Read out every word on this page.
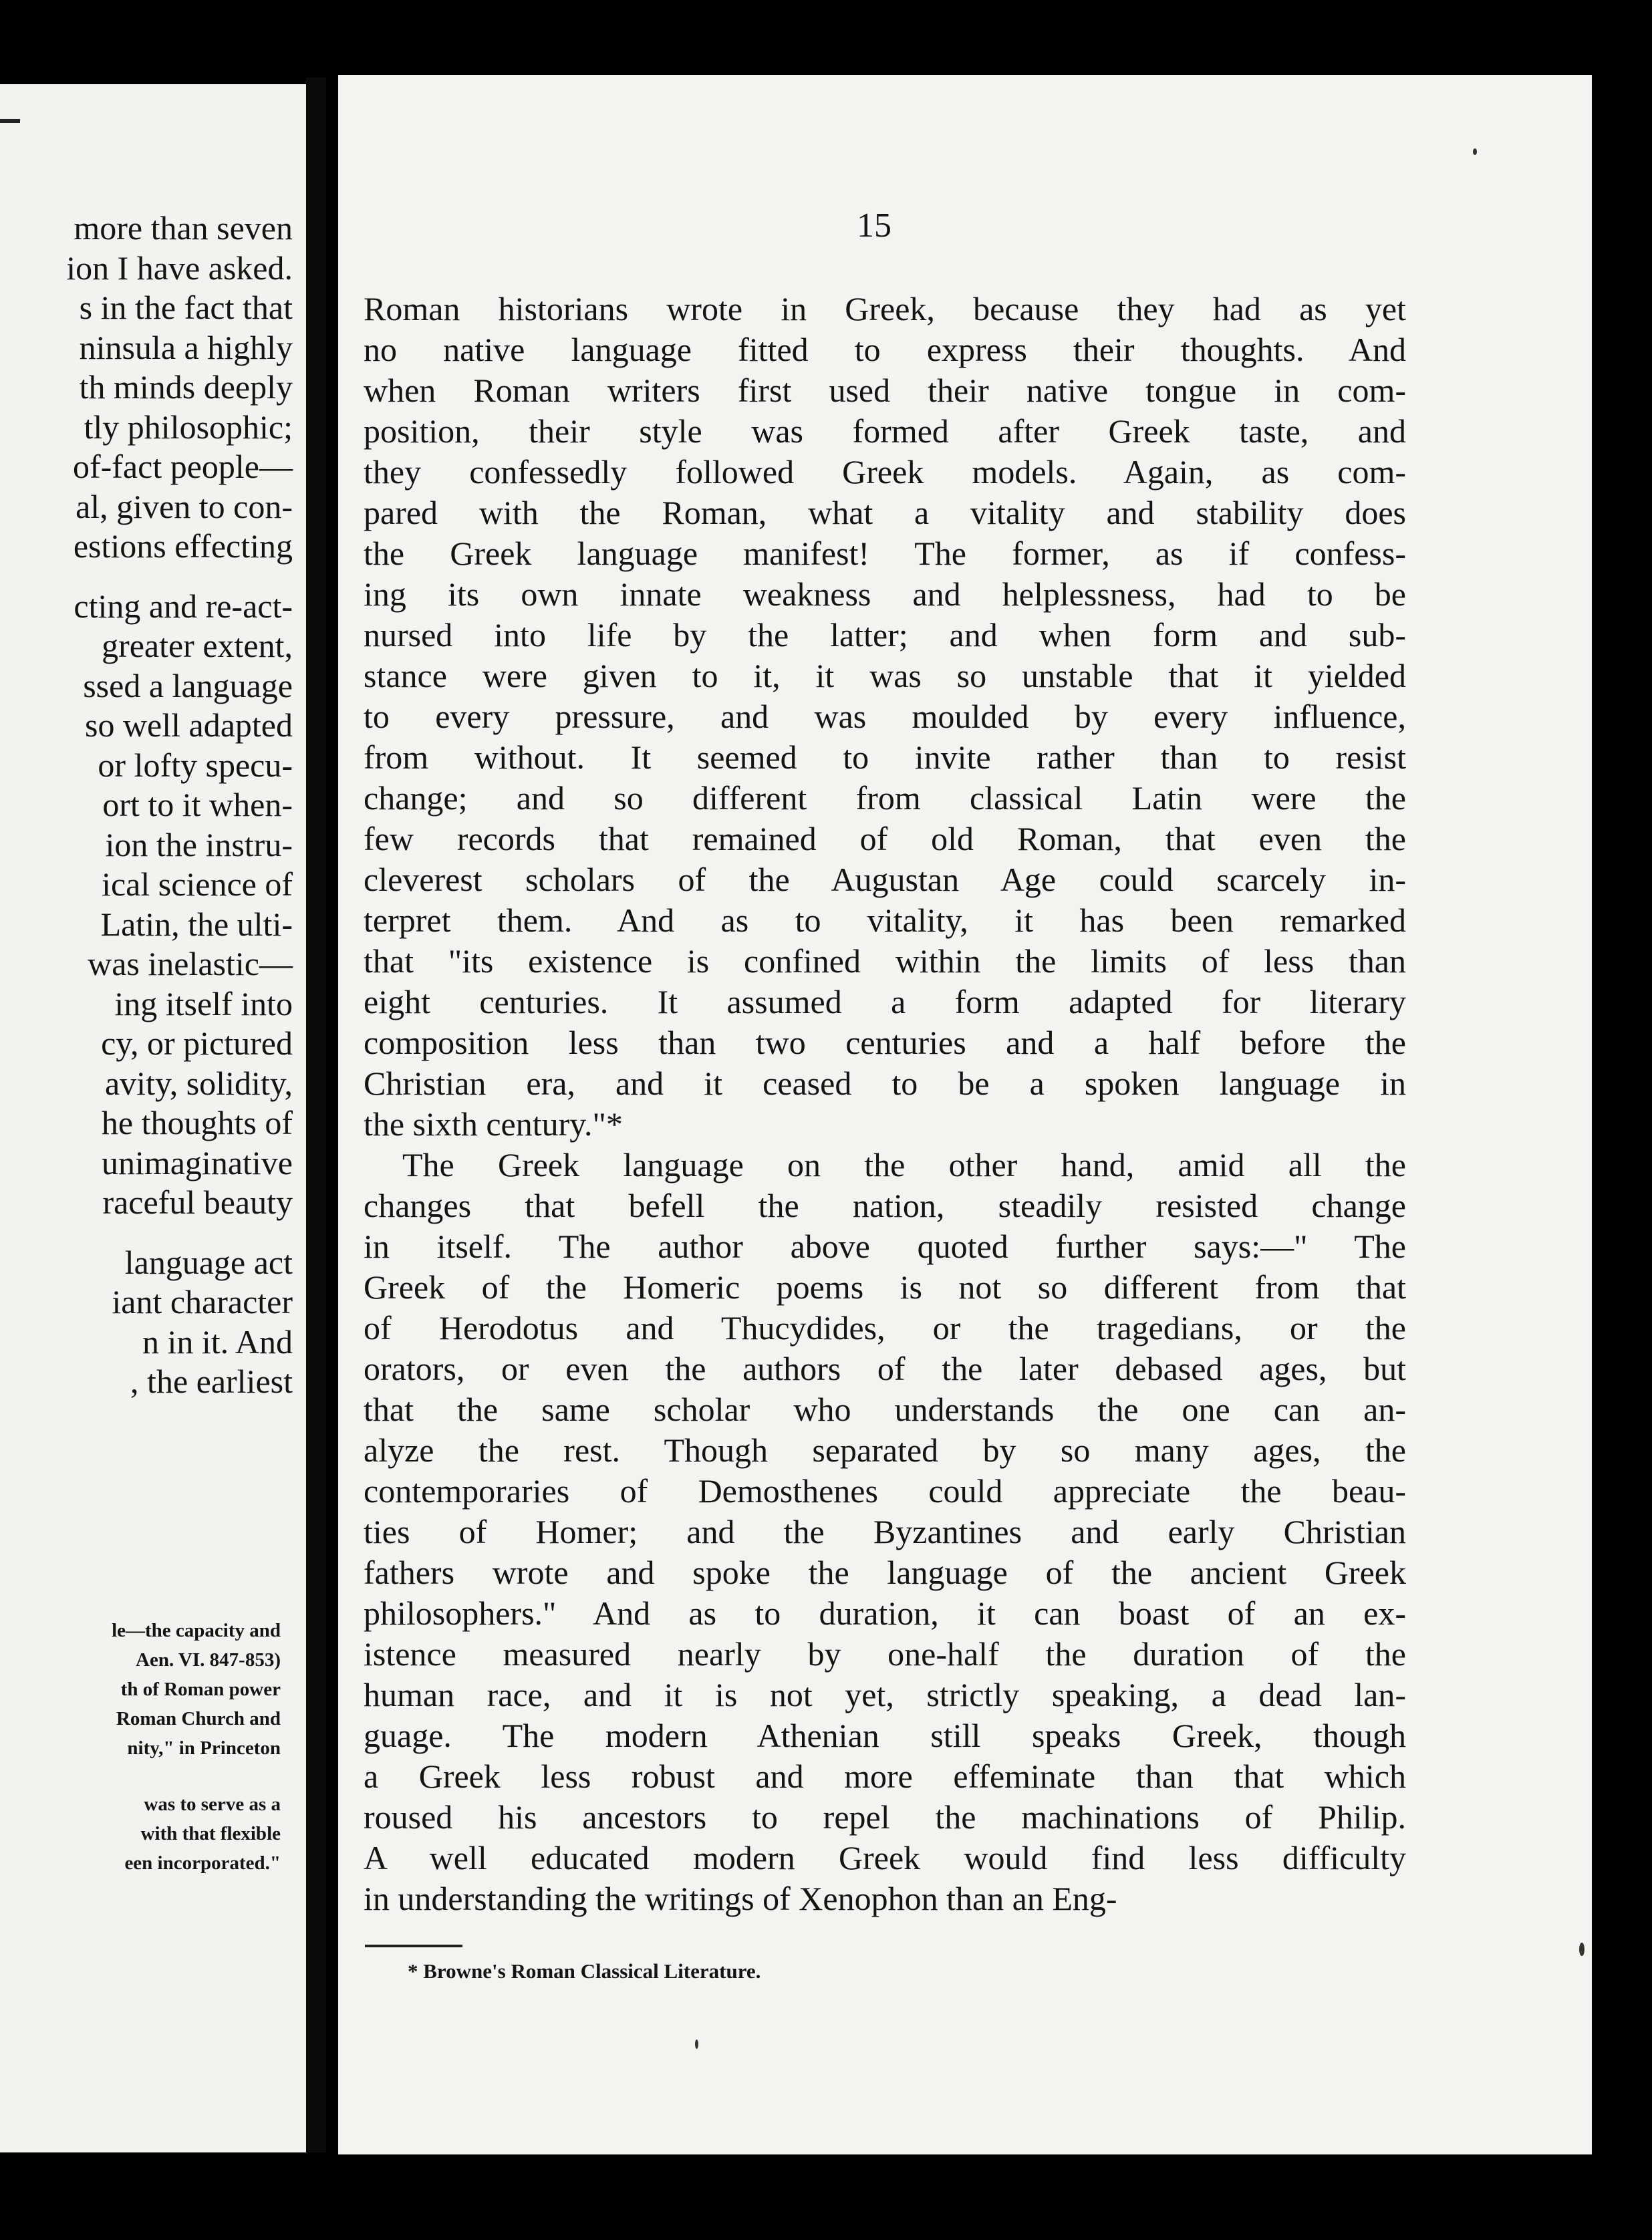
more than seven
ion I have asked.
s in the fact that
ninsula a highly
th minds deeply
tly philosophic;
of-fact people—
al, given to con-
estions effecting
cting and re-act-
greater extent,
ssed a language
so well adapted
or lofty specu-
ort to it when-
ion the instru-
ical science of
Latin, the ulti-
was inelastic—
ing itself into
cy, or pictured
avity, solidity,
he thoughts of
unimaginative
raceful beauty
language act
iant character
n in it. And
, the earliest
le—the capacity and
Aen. VI. 847-853)
th of Roman power
Roman Church and
nity," in Princeton
was to serve as a
with that flexible
een incorporated."
15
Roman historians wrote in Greek, because they had as yet
no native language fitted to express their thoughts. And
when Roman writers first used their native tongue in com-
position, their style was formed after Greek taste, and
they confessedly followed Greek models. Again, as com-
pared with the Roman, what a vitality and stability does
the Greek language manifest! The former, as if confess-
ing its own innate weakness and helplessness, had to be
nursed into life by the latter; and when form and sub-
stance were given to it, it was so unstable that it yielded
to every pressure, and was moulded by every influence,
from without. It seemed to invite rather than to resist
change; and so different from classical Latin were the
few records that remained of old Roman, that even the
cleverest scholars of the Augustan Age could scarcely in-
terpret them. And as to vitality, it has been remarked
that "its existence is confined within the limits of less than
eight centuries. It assumed a form adapted for literary
composition less than two centuries and a half before the
Christian era, and it ceased to be a spoken language in
the sixth century."*
The Greek language on the other hand, amid all the
changes that befell the nation, steadily resisted change
in itself. The author above quoted further says:—" The
Greek of the Homeric poems is not so different from that
of Herodotus and Thucydides, or the tragedians, or the
orators, or even the authors of the later debased ages, but
that the same scholar who understands the one can an-
alyze the rest. Though separated by so many ages, the
contemporaries of Demosthenes could appreciate the beau-
ties of Homer; and the Byzantines and early Christian
fathers wrote and spoke the language of the ancient Greek
philosophers." And as to duration, it can boast of an ex-
istence measured nearly by one-half the duration of the
human race, and it is not yet, strictly speaking, a dead lan-
guage. The modern Athenian still speaks Greek, though
a Greek less robust and more effeminate than that which
roused his ancestors to repel the machinations of Philip.
A well educated modern Greek would find less difficulty
in understanding the writings of Xenophon than an Eng-
* Browne's Roman Classical Literature.
